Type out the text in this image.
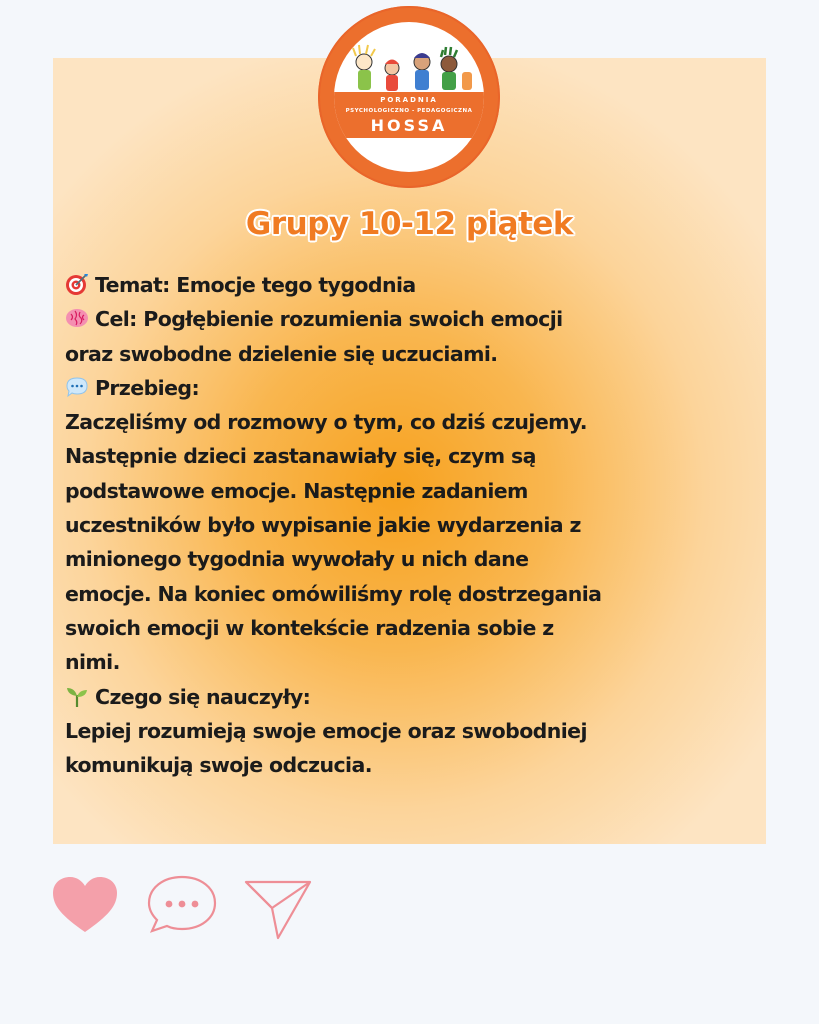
PORADNIA
PSYCHOLOGICZNO - PEDAGOGICZNA
HOSSA
Grupy 10-12 piątek
Temat: Emocje tego tygodnia
Cel: Pogłębienie rozumienia swoich emocji
oraz swobodne dzielenie się uczuciami.
Przebieg:
Zaczęliśmy od rozmowy o tym, co dziś czujemy.
Następnie dzieci zastanawiały się, czym są
podstawowe emocje. Następnie zadaniem
uczestników było wypisanie jakie wydarzenia z
minionego tygodnia wywołały u nich dane
emocje. Na koniec omówiliśmy rolę dostrzegania
swoich emocji w kontekście radzenia sobie z
nimi.
Czego się nauczyły:
Lepiej rozumieją swoje emocje oraz swobodniej
komunikują swoje odczucia.
